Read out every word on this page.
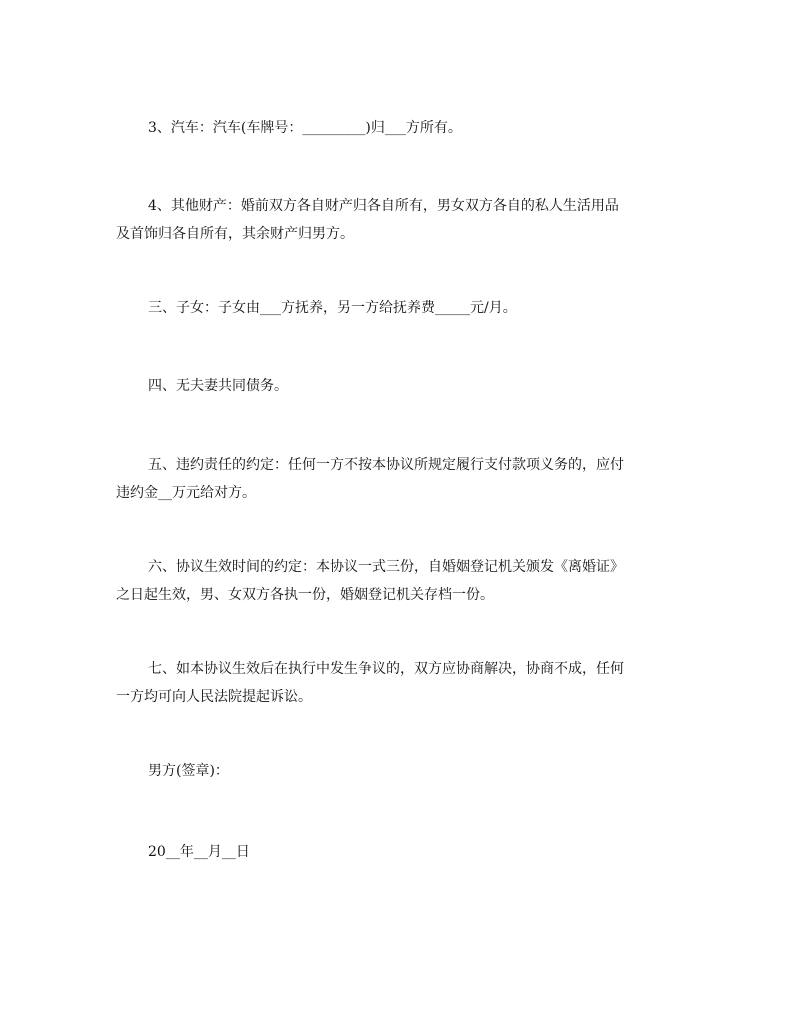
3、汽车：汽车(车牌号：_________)归___方所有。

4、其他财产：婚前双方各自财产归各自所有，男女双方各自的私人生活用品
及首饰归各自所有，其余财产归男方。

三、子女：子女由___方抚养，另一方给抚养费_____元/月。

四、无夫妻共同债务。

五、违约责任的约定：任何一方不按本协议所规定履行支付款项义务的，应付
违约金__万元给对方。

六、协议生效时间的约定：本协议一式三份，自婚姻登记机关颁发《离婚证》
之日起生效，男、女双方各执一份，婚姻登记机关存档一份。

七、如本协议生效后在执行中发生争议的，双方应协商解决，协商不成，任何
一方均可向人民法院提起诉讼。

男方(签章)：

20__年__月__日
